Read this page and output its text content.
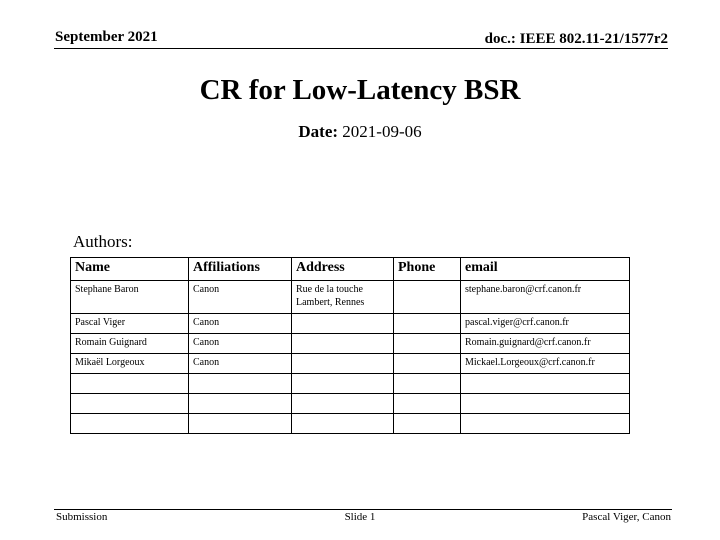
September 2021	doc.: IEEE 802.11-21/1577r2
CR for Low-Latency BSR
Date: 2021-09-06
Authors:
Name	Affiliations	Address	Phone	email
Stephane Baron	Canon	Rue de la touche Lambert, Rennes		stephane.baron@crf.canon.fr
Pascal Viger	Canon			pascal.viger@crf.canon.fr
Romain Guignard	Canon			Romain.guignard@crf.canon.fr
Mikaël Lorgeoux	Canon			Mickael.Lorgeoux@crf.canon.fr

Submission	Slide 1	Pascal Viger, Canon
